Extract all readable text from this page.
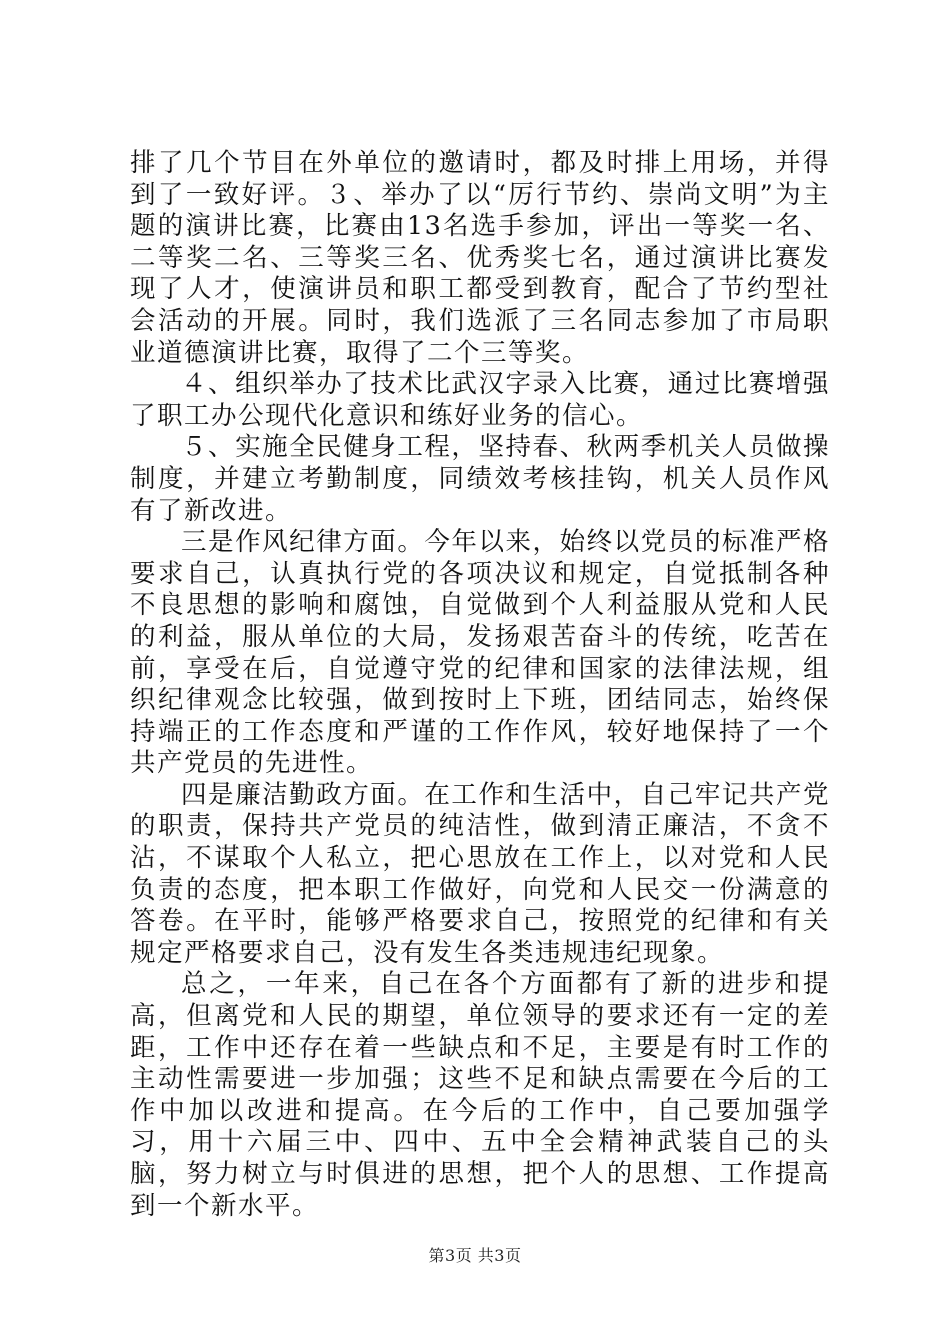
排了几个节目在外单位的邀请时，都及时排上用场，并得到了一致好评。３、举办了以“厉行节约、崇尚文明”为主题的演讲比赛，比赛由13名选手参加，评出一等奖一名、二等奖二名、三等奖三名、优秀奖七名，通过演讲比赛发现了人才，使演讲员和职工都受到教育，配合了节约型社会活动的开展。同时，我们选派了三名同志参加了市局职业道德演讲比赛，取得了二个三等奖。

４、组织举办了技术比武汉字录入比赛，通过比赛增强了职工办公现代化意识和练好业务的信心。

５、实施全民健身工程，坚持春、秋两季机关人员做操制度，并建立考勤制度，同绩效考核挂钩，机关人员作风有了新改进。

三是作风纪律方面。今年以来，始终以党员的标准严格要求自己，认真执行党的各项决议和规定，自觉抵制各种不良思想的影响和腐蚀，自觉做到个人利益服从党和人民的利益，服从单位的大局，发扬艰苦奋斗的传统，吃苦在前，享受在后，自觉遵守党的纪律和国家的法律法规，组织纪律观念比较强，做到按时上下班，团结同志，始终保持端正的工作态度和严谨的工作作风，较好地保持了一个共产党员的先进性。

四是廉洁勤政方面。在工作和生活中，自己牢记共产党的职责，保持共产党员的纯洁性，做到清正廉洁，不贪不沾，不谋取个人私立，把心思放在工作上，以对党和人民负责的态度，把本职工作做好，向党和人民交一份满意的答卷。在平时，能够严格要求自己，按照党的纪律和有关规定严格要求自己，没有发生各类违规违纪现象。

总之，一年来，自己在各个方面都有了新的进步和提高，但离党和人民的期望，单位领导的要求还有一定的差距，工作中还存在着一些缺点和不足，主要是有时工作的主动性需要进一步加强；这些不足和缺点需要在今后的工作中加以改进和提高。在今后的工作中，自己要加强学习，用十六届三中、四中、五中全会精神武装自己的头脑，努力树立与时俱进的思想，把个人的思想、工作提高到一个新水平。

第3页 共3页
